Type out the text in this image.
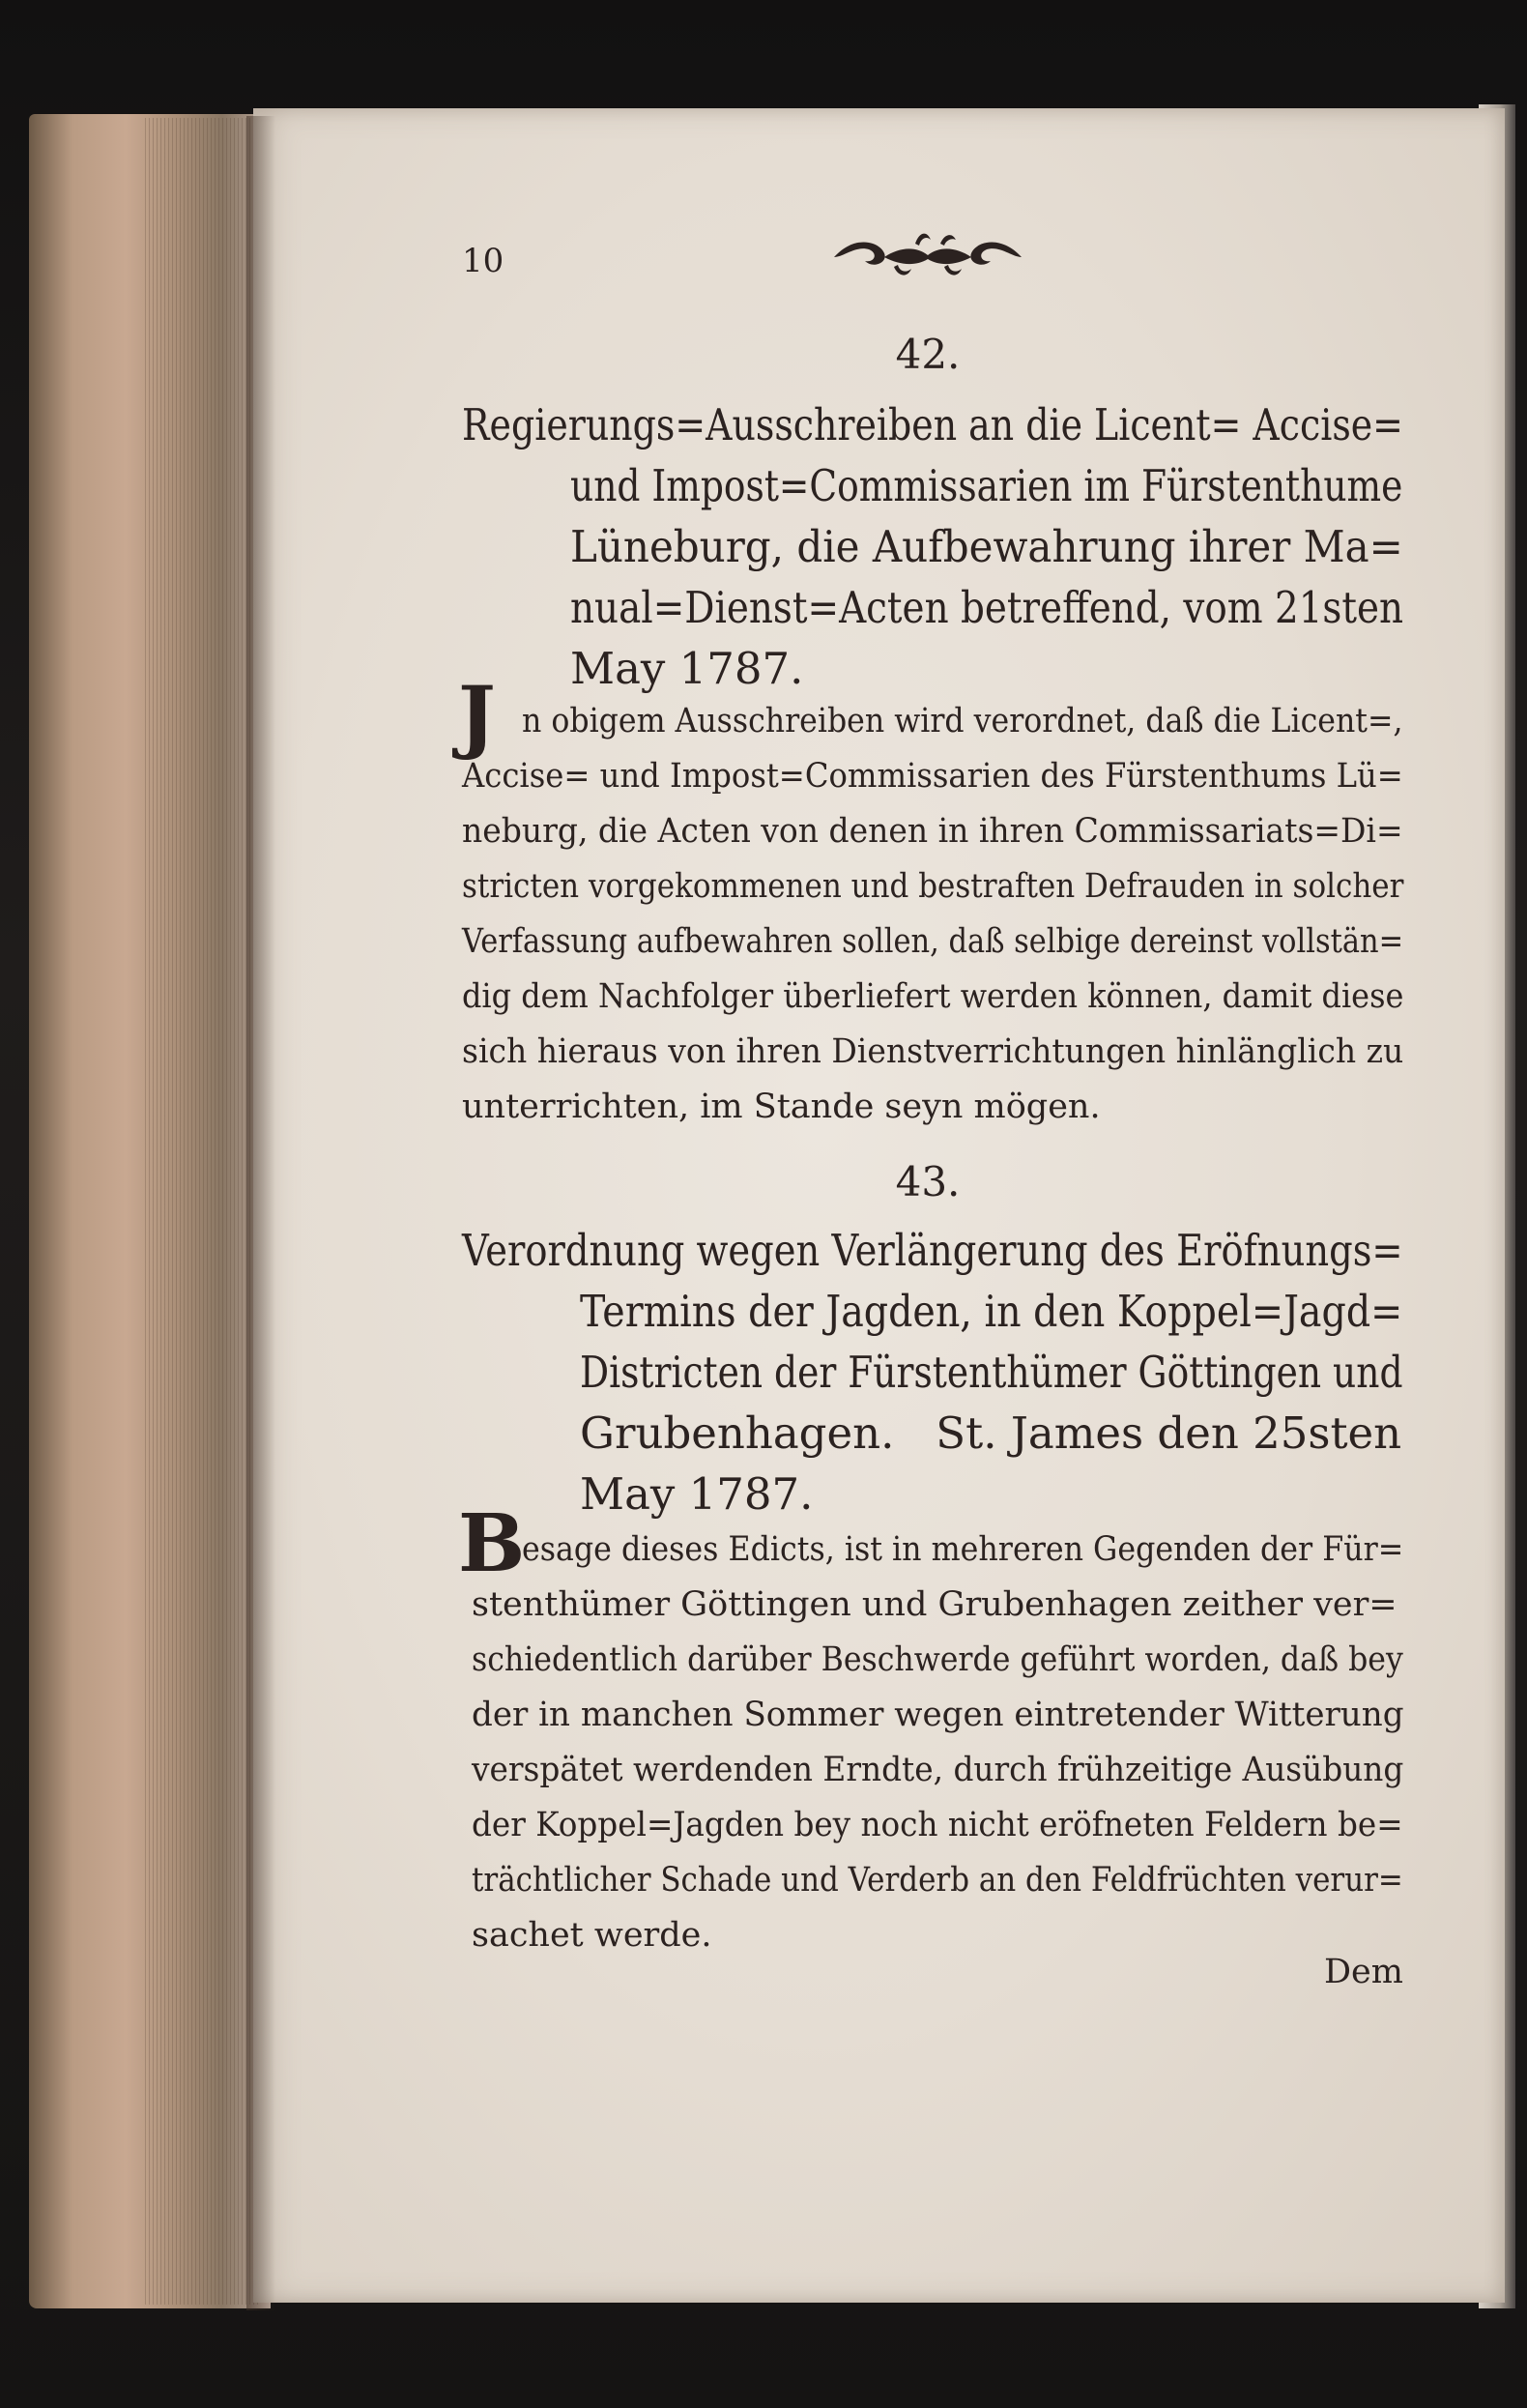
10
42.
Regierungs=Ausschreiben an die Licent= Accise=
und Impost=Commissarien im Fürstenthume
Lüneburg, die Aufbewahrung ihrer Ma=
nual=Dienst=Acten betreffend, vom 21sten
May 1787.
J n obigem Ausschreiben wird verordnet, daß die Licent=,
Accise= und Impost=Commissarien des Fürstenthums Lü=
neburg, die Acten von denen in ihren Commissariats=Di=
stricten vorgekommenen und bestraften Defrauden in solcher
Verfassung aufbewahren sollen, daß selbige dereinst vollstän=
dig dem Nachfolger überliefert werden können, damit diese
sich hieraus von ihren Dienstverrichtungen hinlänglich zu
unterrichten, im Stande seyn mögen.
43.
Verordnung wegen Verlängerung des Eröfnungs=
Termins der Jagden, in den Koppel=Jagd=
Districten der Fürstenthümer Göttingen und
Grubenhagen.   St. James den 25sten
May 1787.
B
esage dieses Edicts, ist in mehreren Gegenden der Für=
stenthümer Göttingen und Grubenhagen zeither ver=
schiedentlich darüber Beschwerde geführt worden, daß bey
der in manchen Sommer wegen eintretender Witterung
verspätet werdenden Erndte, durch frühzeitige Ausübung
der Koppel=Jagden bey noch nicht eröfneten Feldern be=
trächtlicher Schade und Verderb an den Feldfrüchten verur=
sachet werde.
Dem
